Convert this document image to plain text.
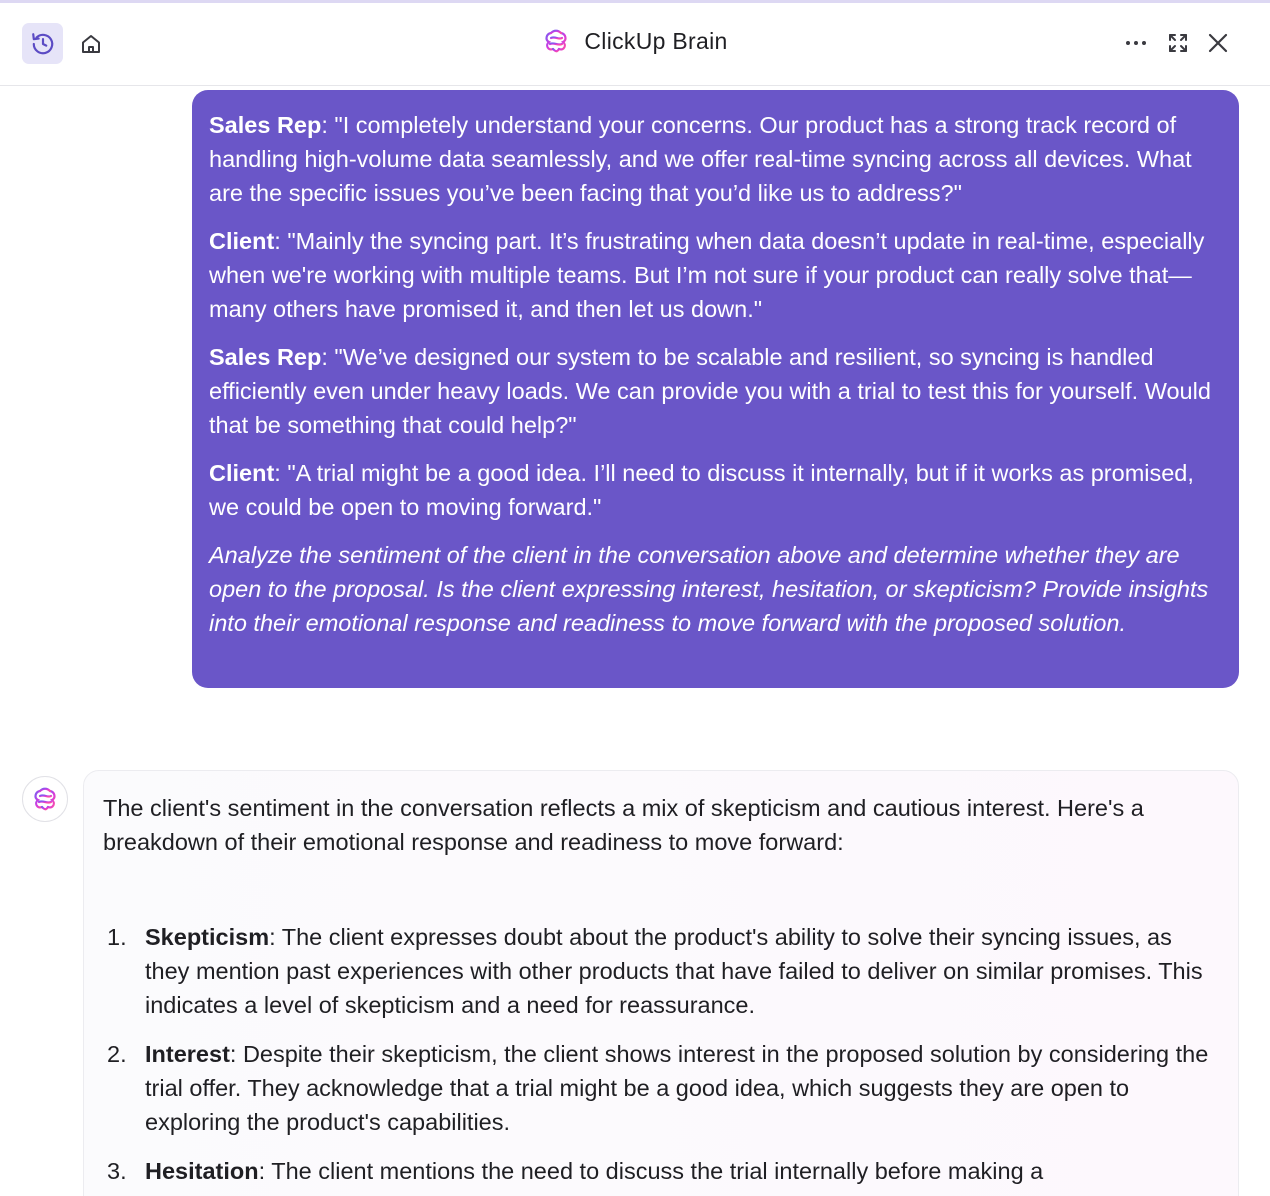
ClickUp Brain

Sales Rep: "I completely understand your concerns. Our product has a strong track record of handling high-volume data seamlessly, and we offer real-time syncing across all devices. What are the specific issues you’ve been facing that you’d like us to address?"

Client: "Mainly the syncing part. It’s frustrating when data doesn’t update in real-time, especially when we're working with multiple teams. But I’m not sure if your product can really solve that—many others have promised it, and then let us down."

Sales Rep: "We’ve designed our system to be scalable and resilient, so syncing is handled efficiently even under heavy loads. We can provide you with a trial to test this for yourself. Would that be something that could help?"

Client: "A trial might be a good idea. I’ll need to discuss it internally, but if it works as promised, we could be open to moving forward."

Analyze the sentiment of the client in the conversation above and determine whether they are open to the proposal. Is the client expressing interest, hesitation, or skepticism? Provide insights into their emotional response and readiness to move forward with the proposed solution.

The client's sentiment in the conversation reflects a mix of skepticism and cautious interest. Here's a breakdown of their emotional response and readiness to move forward:

1. Skepticism: The client expresses doubt about the product's ability to solve their syncing issues, as they mention past experiences with other products that have failed to deliver on similar promises. This indicates a level of skepticism and a need for reassurance.
2. Interest: Despite their skepticism, the client shows interest in the proposed solution by considering the trial offer. They acknowledge that a trial might be a good idea, which suggests they are open to exploring the product's capabilities.
3. Hesitation: The client mentions the need to discuss the trial internally before making a
